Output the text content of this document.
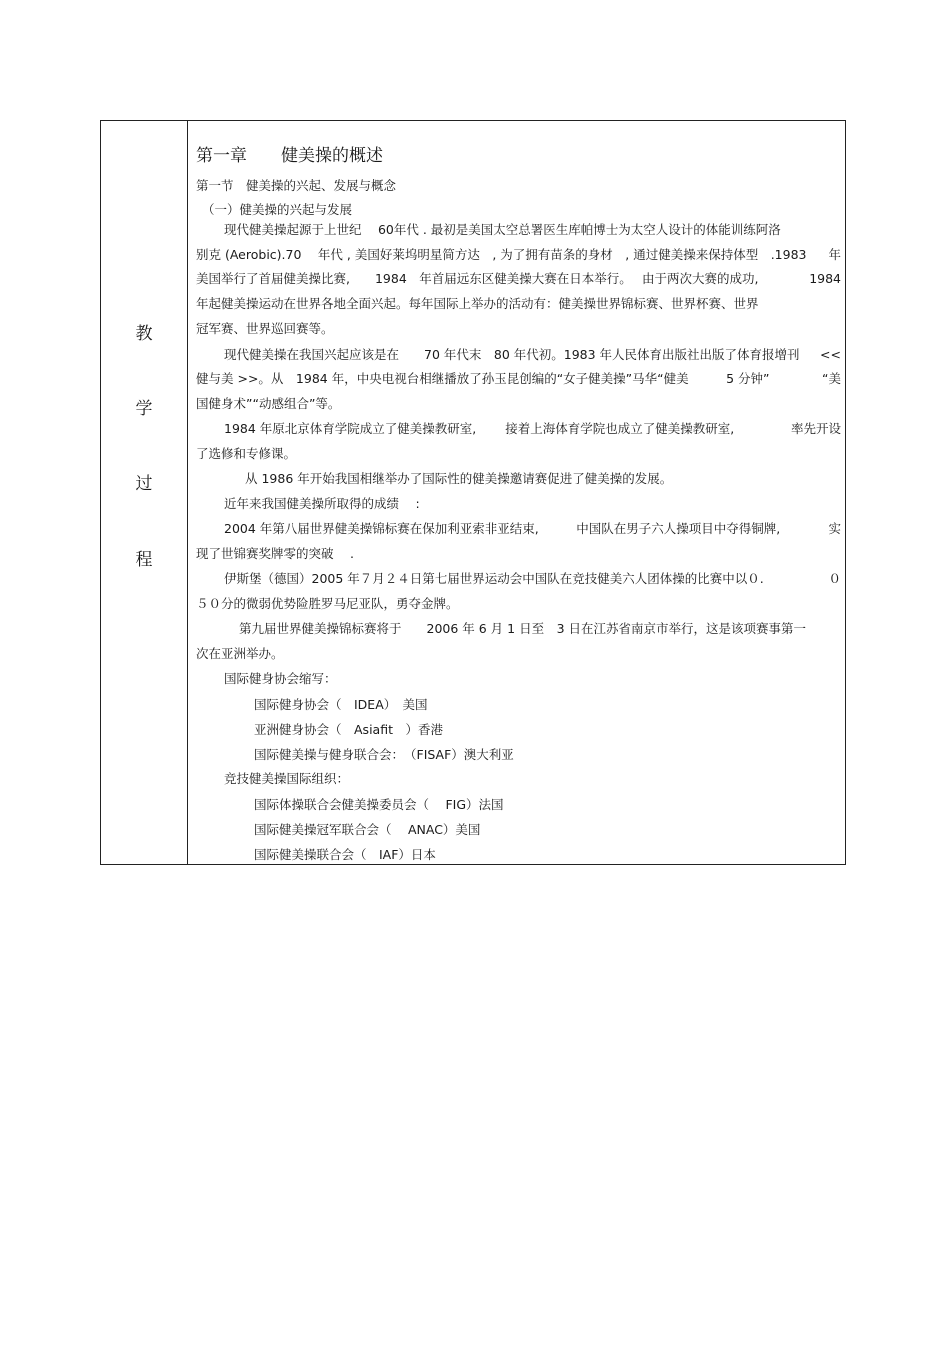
教
学
过
程
第一章　　健美操的概述
第一节　健美操的兴起、发展与概念
（一）健美操的兴起与发展
现代健美操起源于上世纪　 60年代 . 最初是美国太空总署医生库帕博士为太空人设计的体能训练阿洛
别克 (Aerobic).70　 年代 , 美国好莱坞明星简方达　, 为了拥有苗条的身材　, 通过健美操来保持体型　.1983 年
美国举行了首届健美操比赛,　　1984　年首届远东区健美操大赛在日本举行。　 由于两次大赛的成功,	1984
年起健美操运动在世界各地全面兴起。每年国际上举办的活动有：健美操世界锦标赛、世界杯赛、世界
冠军赛、世界巡回赛等。
现代健美操在我国兴起应该是在　　70 年代末　80 年代初。1983 年人民体育出版社出版了体育报增刊 <<
健与美 >>。从　1984 年，中央电视台相继播放了孙玉昆创编的“女子健美操”马华“健美　　　5 分钟”	“美
国健身术”“动感组合”等。
1984 年原北京体育学院成立了健美操教研室,　　 接着上海体育学院也成立了健美操教研室,	率先开设
了选修和专修课。
从 1986 年开始我国相继举办了国际性的健美操邀请赛促进了健美操的发展。
近年来我国健美操所取得的成绩　 :
2004 年第八届世界健美操锦标赛在保加利亚索非亚结束,　　　中国队在男子六人操项目中夺得铜牌,	实
现了世锦赛奖牌零的突破　 .
伊斯堡（德国）2005 年７月２４日第七届世界运动会中国队在竞技健美六人团体操的比赛中以０.	０
５０分的微弱优势险胜罗马尼亚队，勇夺金牌。
第九届世界健美操锦标赛将于　　2006 年 6 月 1 日至　3 日在江苏省南京市举行，这是该项赛事第一
次在亚洲举办。
国际健身协会缩写：
国际健身协会（　IDEA）　美国
亚洲健身协会（　Asiafit　）香港
国际健美操与健身联合会：　（FISAF）澳大利亚
竞技健美操国际组织：
国际体操联合会健美操委员会（　 FIG）法国
国际健美操冠军联合会（　 ANAC）美国
国际健美操联合会（　IAF）日本
